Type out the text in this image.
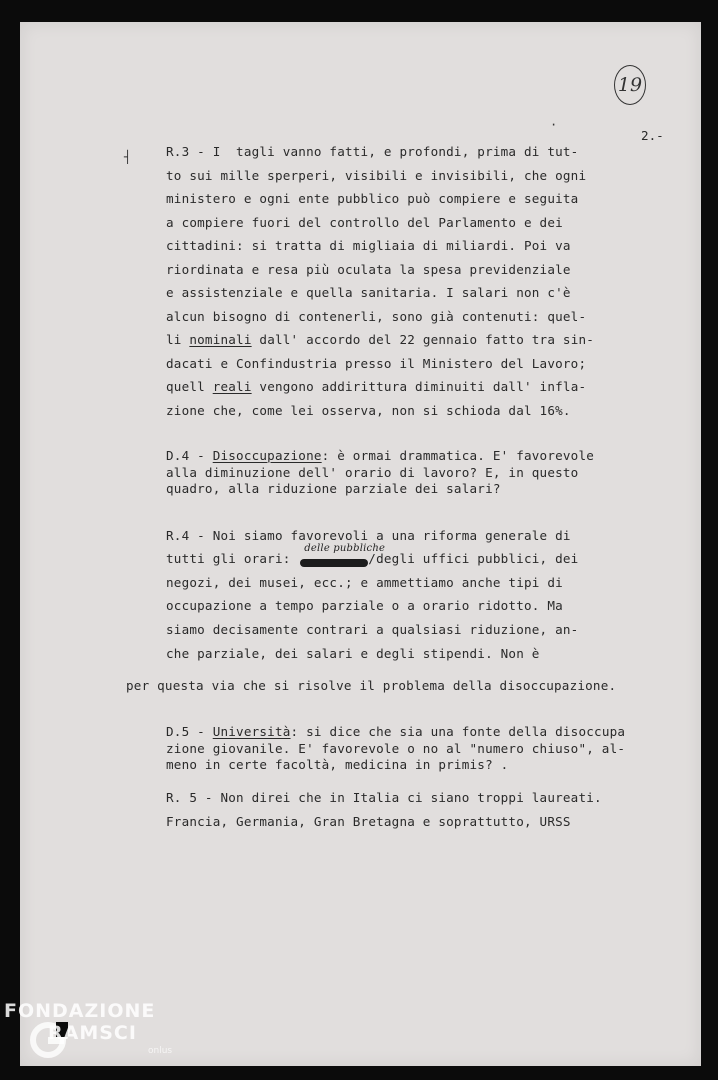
19
2.-
┤
·
R.3 - I  tagli vanno fatti, e profondi, prima di tut-
to sui mille sperperi, visibili e invisibili, che ogni
ministero e ogni ente pubblico può compiere e seguita
a compiere fuori del controllo del Parlamento e dei
cittadini: si tratta di migliaia di miliardi. Poi va
riordinata e resa più oculata la spesa previdenziale
e assistenziale e quella sanitaria. I salari non c'è
alcun bisogno di contenerli, sono già contenuti: quel-
li nominali dall' accordo del 22 gennaio fatto tra sin-
dacati e Confindustria presso il Ministero del Lavoro;
quell reali vengono addirittura diminuiti dall' infla-
zione che, come lei osserva, non si schioda dal 16%.
D.4 - Disoccupazione: è ormai drammatica. E' favorevole
alla diminuzione dell' orario di lavoro? E, in questo
quadro, alla riduzione parziale dei salari?
R.4 - Noi siamo favorevoli a una riforma generale di
tutti gli orari:
delle pubbliche
/degli uffici pubblici, dei
negozi, dei musei, ecc.; e ammettiamo anche tipi di
occupazione a tempo parziale o a orario ridotto. Ma
siamo decisamente contrari a qualsiasi riduzione, an-
che parziale, dei salari e degli stipendi. Non è
per questa via che si risolve il problema della disoccupazione.
D.5 - Università: si dice che sia una fonte della disoccupa
zione giovanile. E' favorevole o no al "numero chiuso", al-
meno in certe facoltà, medicina in primis? .
R. 5 - Non direi che in Italia ci siano troppi laureati.
Francia, Germania, Gran Bretagna e soprattutto, URSS
FONDAZIONE
RAMSCI
onlus
